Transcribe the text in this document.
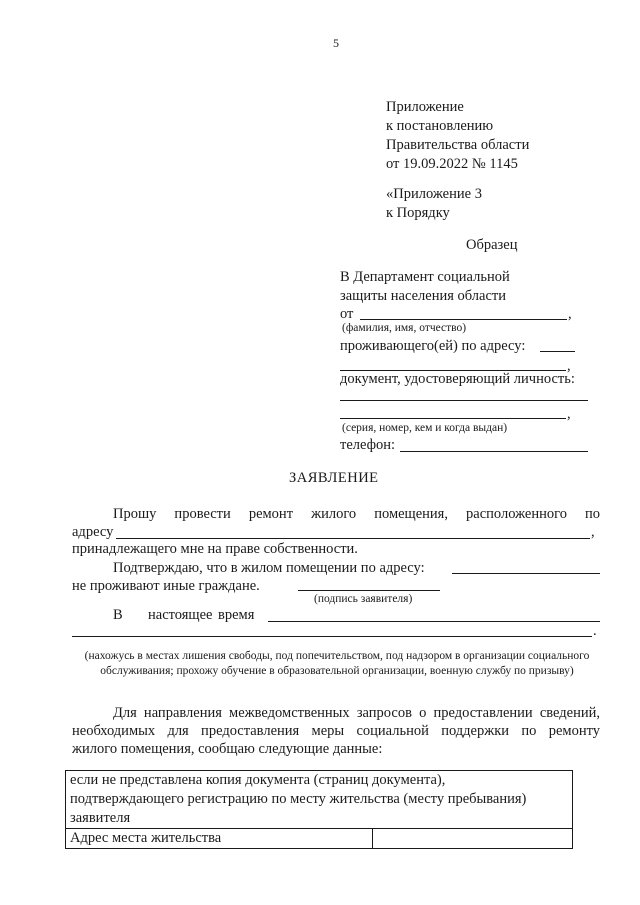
5
Приложение
к постановлению
Правительства области
от 19.09.2022 № 1145
«Приложение 3
к Порядку
Образец
В Департамент социальной
защиты населения области
от	,
(фамилия, имя, отчество)
проживающего(ей) по адресу:
,
документ, удостоверяющий личность:
,
(серия, номер, кем и когда выдан)
телефон:
ЗАЯВЛЕНИЕ
Прошу провести ремонт жилого помещения, расположенного по
адресу	,
принадлежащего мне на праве собственности.
Подтверждаю, что в жилом помещении по адресу:
не проживают иные граждане.
(подпись заявителя)
В настоящее время
.
(нахожусь в местах лишения свободы, под попечительством, под надзором в организации социального обслуживания; прохожу обучение в образовательной организации, военную службу по призыву)
Для направления межведомственных запросов о предоставлении сведений,
необходимых для предоставления меры социальной поддержки по ремонту
жилого помещения, сообщаю следующие данные:
если не представлена копия документа (страниц документа),
подтверждающего регистрацию по месту жительства (месту пребывания)
заявителя

Адрес места жительства	
